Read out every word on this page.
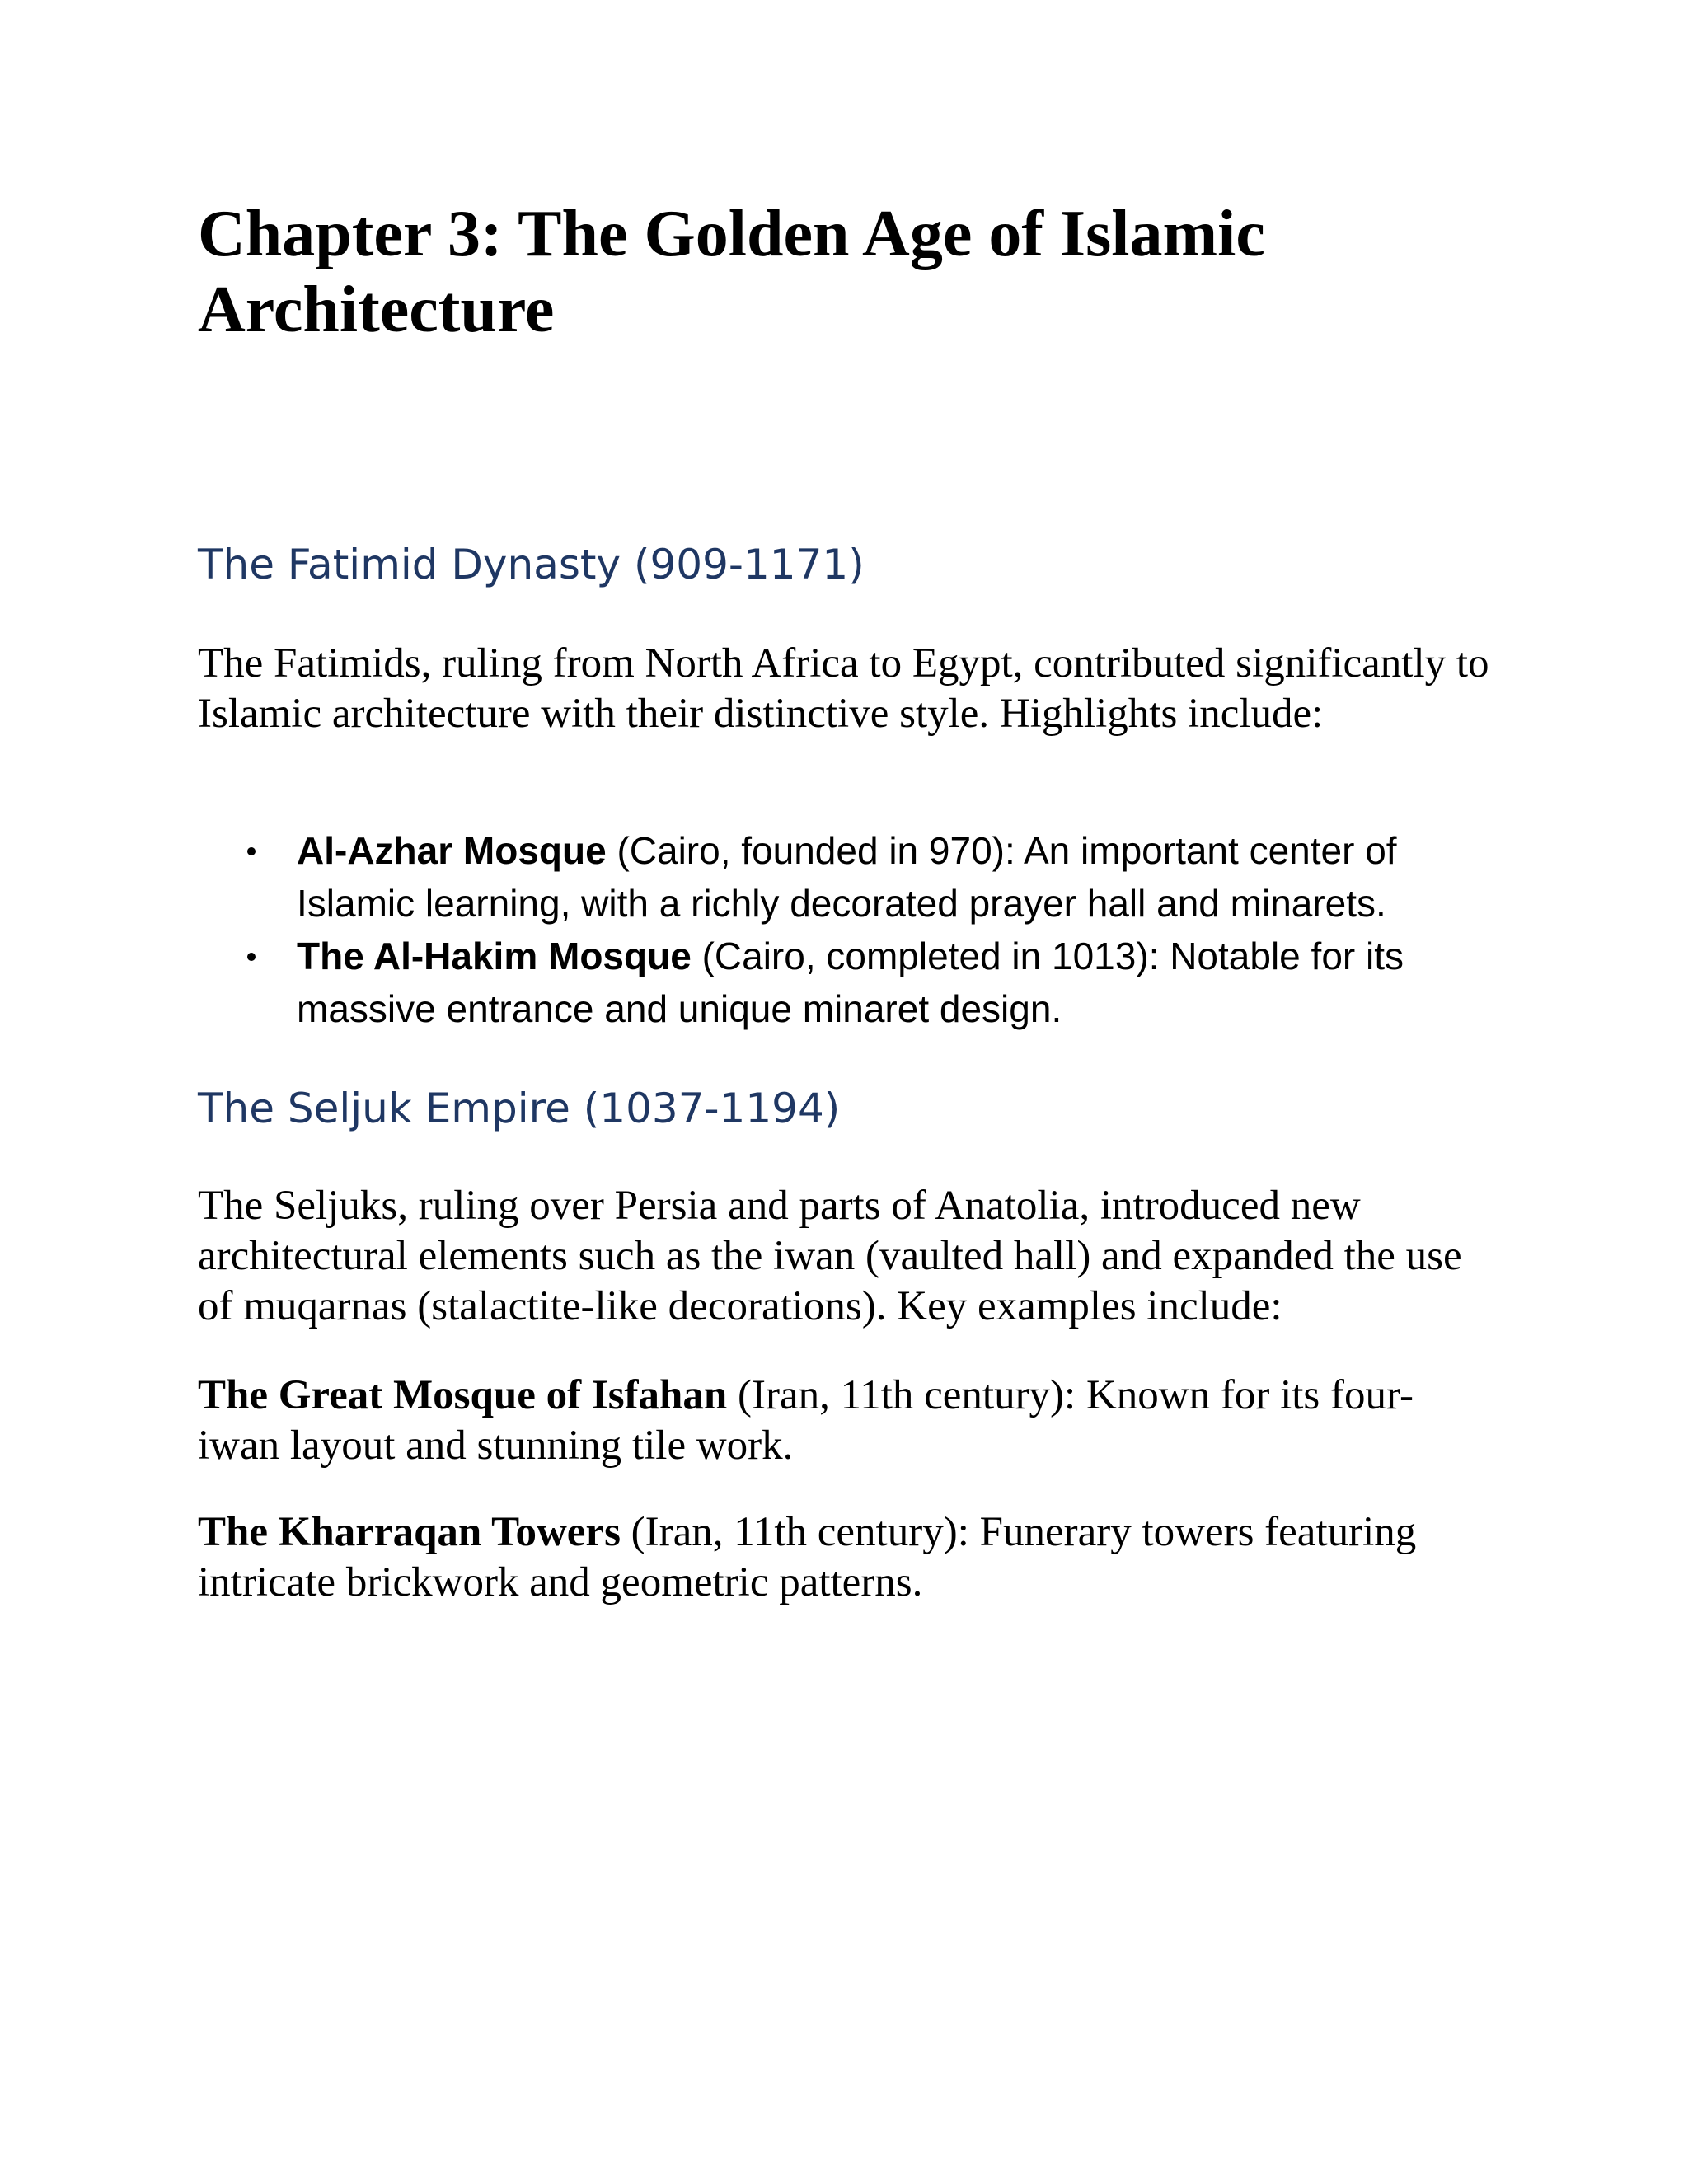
Chapter 3: The Golden Age of Islamic Architecture
The Fatimid Dynasty (909-1171)

The Fatimids, ruling from North Africa to Egypt, contributed significantly to Islamic architecture with their distinctive style. Highlights include:

Al-Azhar Mosque (Cairo, founded in 970): An important center of Islamic learning, with a richly decorated prayer hall and minarets.
The Al-Hakim Mosque (Cairo, completed in 1013): Notable for its massive entrance and unique minaret design.
The Seljuk Empire (1037-1194)

The Seljuks, ruling over Persia and parts of Anatolia, introduced new architectural elements such as the iwan (vaulted hall) and expanded the use of muqarnas (stalactite-like decorations). Key examples include:

The Great Mosque of Isfahan (Iran, 11th century): Known for its four-iwan layout and stunning tile work.

The Kharraqan Towers (Iran, 11th century): Funerary towers featuring intricate brickwork and geometric patterns.
